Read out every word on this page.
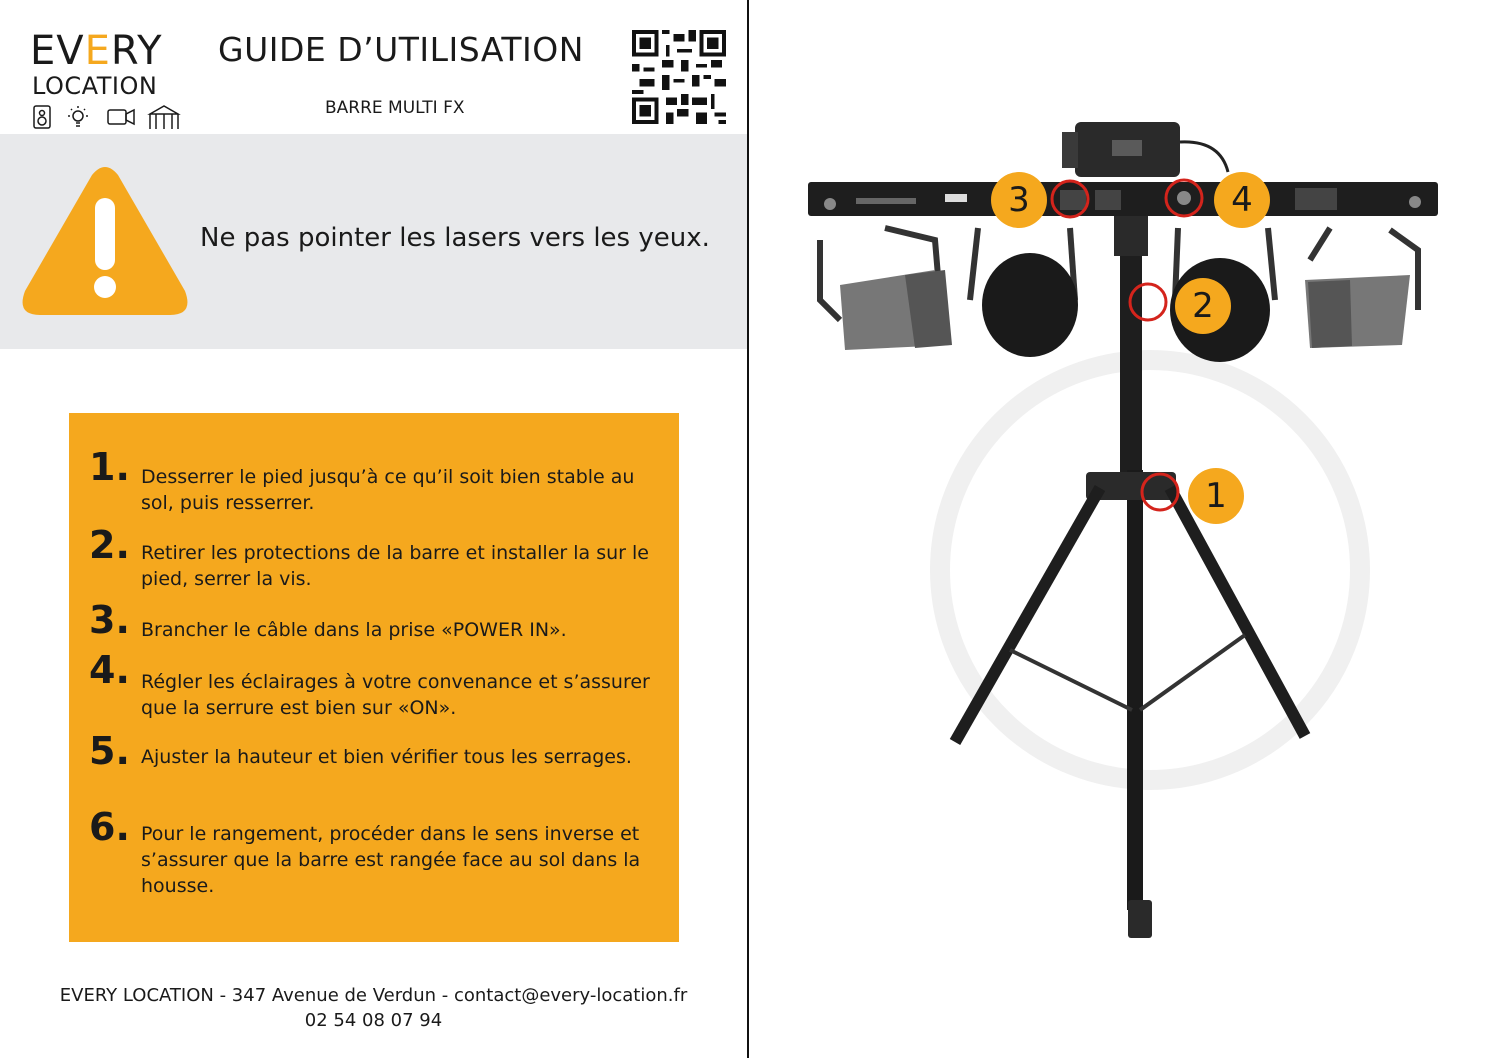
EVERY
LOCATION
GUIDE D’UTILISATION
BARRE MULTI FX
Ne pas pointer les lasers vers les yeux.
1. Desserrer le pied jusqu’à ce qu’il soit bien stable au sol, puis resserrer.
2. Retirer les protections de la barre et installer la sur le pied, serrer la vis.
3. Brancher le câble dans la prise «POWER IN».
4. Régler les éclairages à votre convenance et s’assurer que la serrure est bien sur «ON».
5. Ajuster la hauteur et bien vérifier tous les serrages.
6. Pour le rangement, procéder dans le sens inverse et s’assurer que la barre est rangée face au sol dans la housse.
EVERY LOCATION - 347 Avenue de Verdun - contact@every-location.fr
02 54 08 07 94
1
2
3	4
